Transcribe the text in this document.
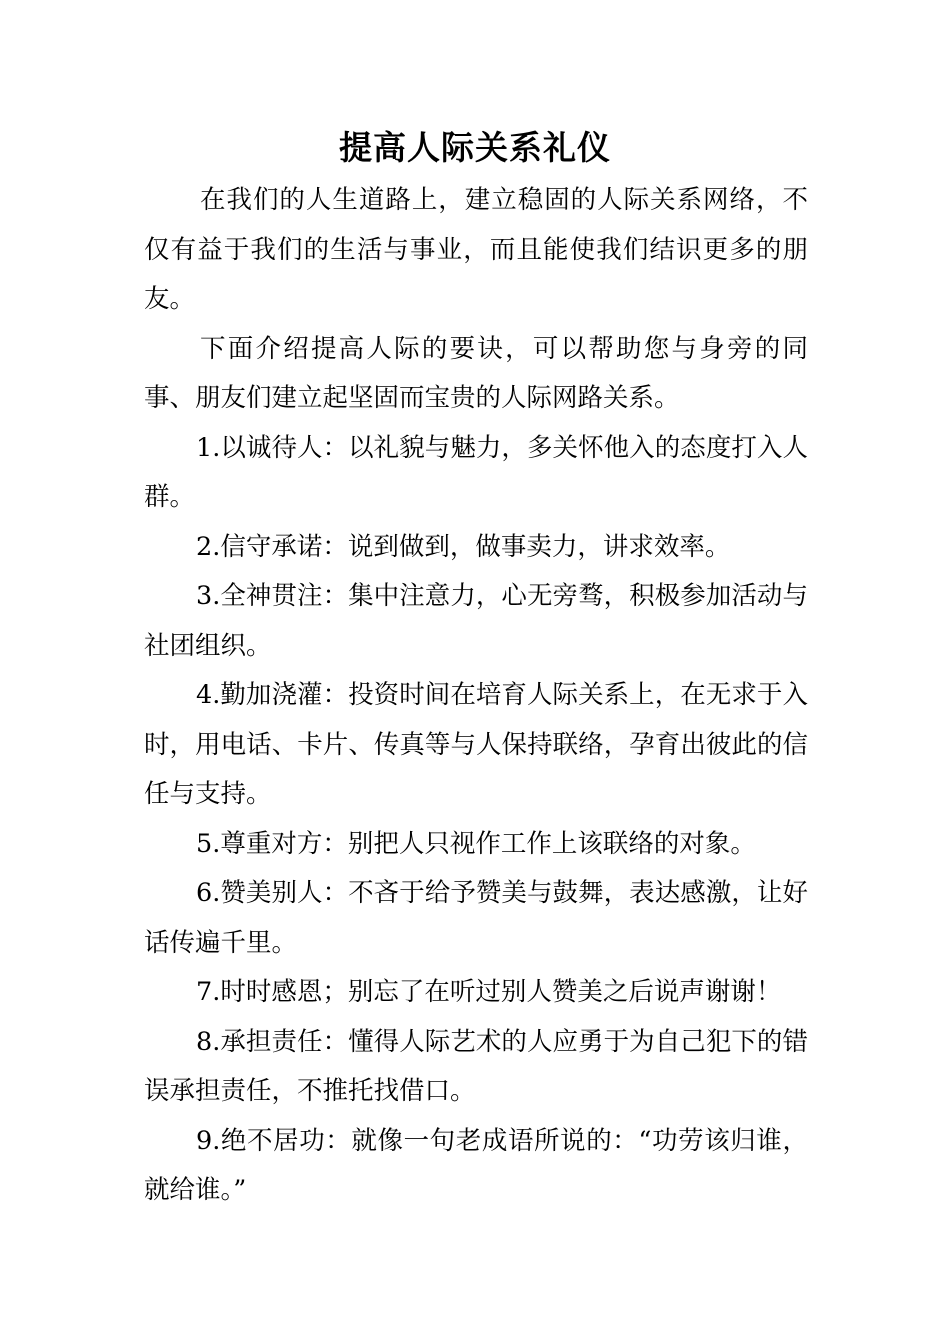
提高人际关系礼仪

在我们的人生道路上，建立稳固的人际关系网络，不仅有益于我们的生活与事业，而且能使我们结识更多的朋友。

下面介绍提高人际的要诀，可以帮助您与身旁的同事、朋友们建立起坚固而宝贵的人际网路关系。

1.以诚待人：以礼貌与魅力，多关怀他入的态度打入人群。

2.信守承诺：说到做到，做事卖力，讲求效率。

3.全神贯注：集中注意力，心无旁骛，积极参加活动与社团组织。

4.勤加浇灌：投资时间在培育人际关系上，在无求于入时，用电话、卡片、传真等与人保持联络，孕育出彼此的信任与支持。

5.尊重对方：别把人只视作工作上该联络的对象。

6.赞美别人：不吝于给予赞美与鼓舞，表达感激，让好话传遍千里。

7.时时感恩；别忘了在听过别人赞美之后说声谢谢！

8.承担责任：懂得人际艺术的人应勇于为自己犯下的错误承担责任，不推托找借口。

9.绝不居功：就像一句老成语所说的：“功劳该归谁，就给谁。”
